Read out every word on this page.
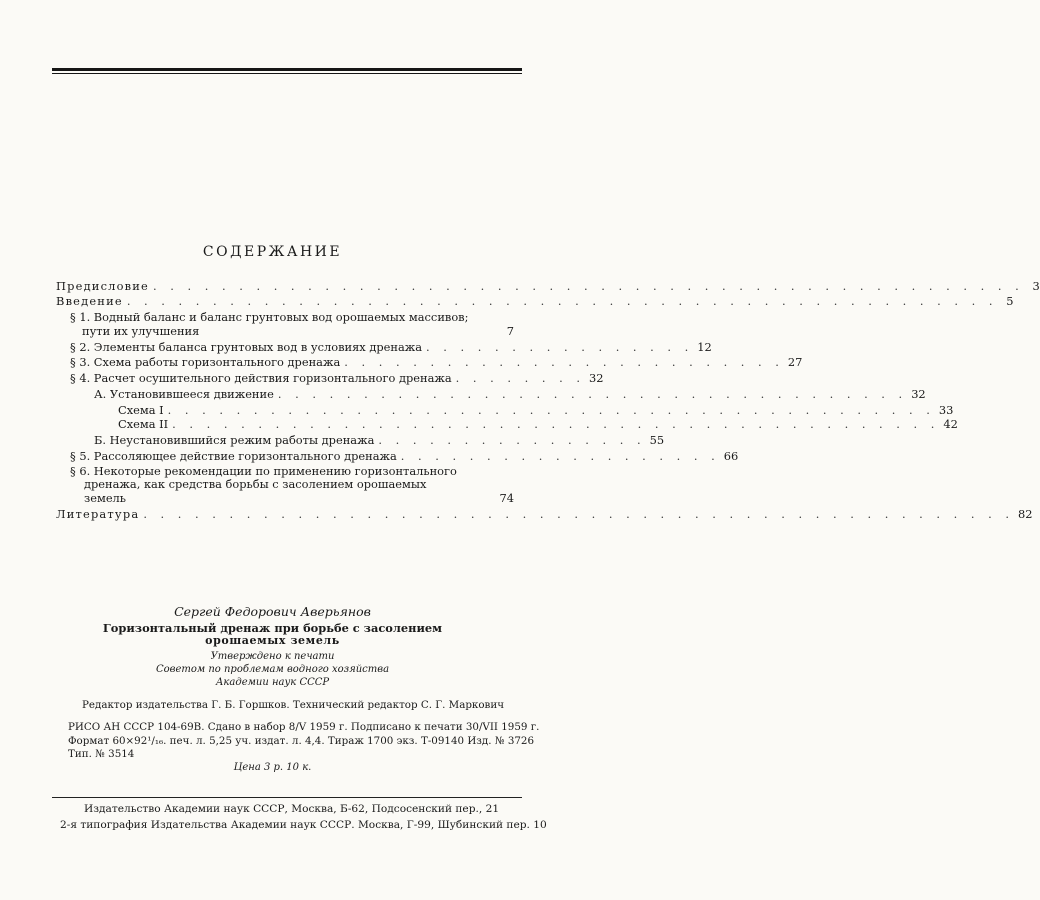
СОДЕРЖАНИЕ
Предисловие . . . . . . . . . . . . . . . . . . . . . . . . . . . . . . . . . . . . . . . . . . . . . . . . . . . 3
Введение . . . . . . . . . . . . . . . . . . . . . . . . . . . . . . . . . . . . . . . . . . . . . . . . . . . 5
§ 1. Водный баланс и баланс грунтовых вод орошаемых массивов;
пути их улучшения	7
§ 2. Элементы баланса грунтовых вод в условиях дренажа . . . . . . . . . . . . . . . . 12
§ 3. Схема работы горизонтального дренажа . . . . . . . . . . . . . . . . . . . . . . . . . . 27
§ 4. Расчет осушительного действия горизонтального дренажа . . . . . . . . 32
А. Установившееся движение . . . . . . . . . . . . . . . . . . . . . . . . . . . . . . . . . . . . . 32
Схема I . . . . . . . . . . . . . . . . . . . . . . . . . . . . . . . . . . . . . . . . . . . . . 33
Схема II . . . . . . . . . . . . . . . . . . . . . . . . . . . . . . . . . . . . . . . . . . . . . 42
Б. Неустановившийся режим работы дренажа . . . . . . . . . . . . . . . . 55
§ 5. Рассоляющее действие горизонтального дренажа . . . . . . . . . . . . . . . . . . . 66
§ 6. Некоторые рекомендации по применению горизонтального
дренажа, как средства борьбы с засолением орошаемых
земель	74
Литература . . . . . . . . . . . . . . . . . . . . . . . . . . . . . . . . . . . . . . . . . . . . . . . . . . . 82
Сергей Федорович Аверьянов
Горизонтальный дренаж при борьбе с засолением
орошаемых земель
Утверждено к печати
Советом по проблемам водного хозяйства
Академии наук СССР
Редактор издательства Г. Б. Горшков. Технический редактор С. Г. Маркович
РИСО АН СССР 104-69В. Сдано в набор 8/V 1959 г. Подписано к печати 30/VII 1959 г.
Формат 60×92¹/₁₆. печ. л. 5,25 уч. издат. л. 4,4. Тираж 1700 экз. Т-09140 Изд. № 3726
Тип. № 3514
Цена 3 р. 10 к.
Издательство Академии наук СССР, Москва, Б-62, Подсосенский пер., 21
2-я типография Издательства Академии наук СССР. Москва, Г-99, Шубинский пер. 10
